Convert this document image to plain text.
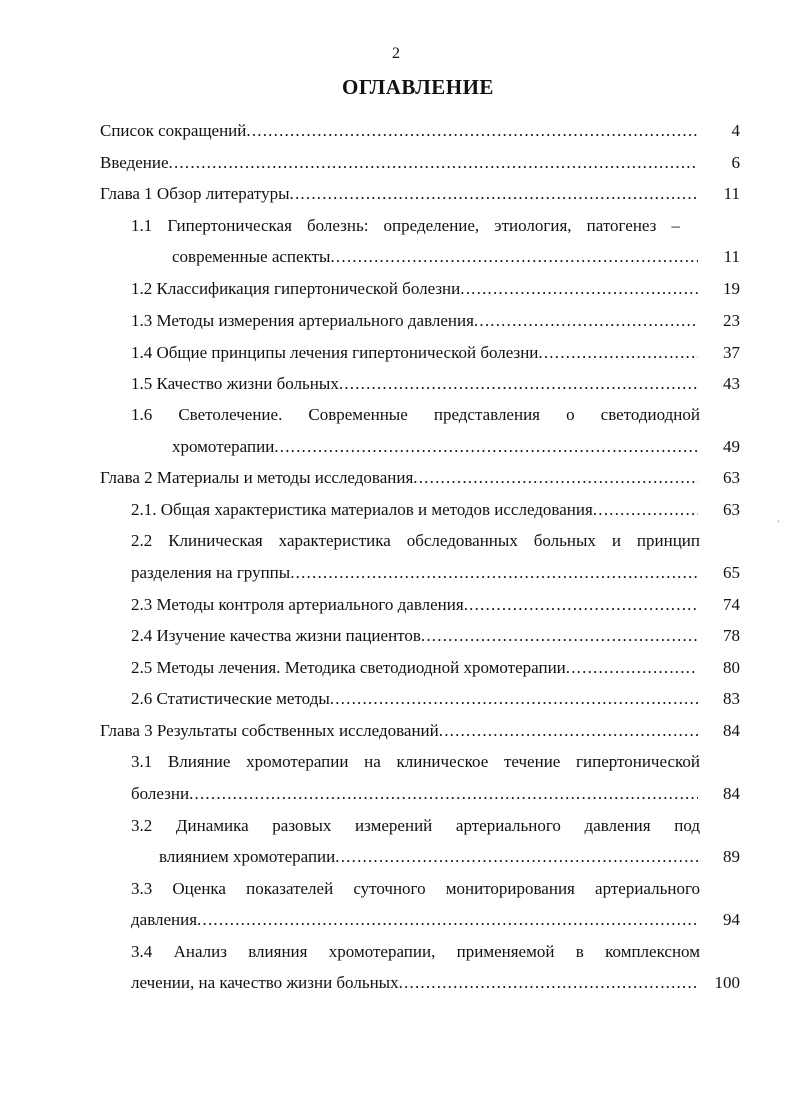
2
ОГЛАВЛЕНИЕ
Список сокращений .....	4
Введение .....	6
Глава 1 Обзор литературы .....	11
1.1 Гипертоническая болезнь: определение, этиология, патогенез –
современные аспекты .....	11
1.2 Классификация гипертонической болезни .....	19
1.3 Методы измерения артериального давления .....	23
1.4 Общие принципы лечения гипертонической болезни .....	37
1.5 Качество жизни больных .....	43
1.6 Светолечение. Современные представления о светодиодной
хромотерапии .....	49
Глава 2 Материалы и методы исследования .....	63
2.1. Общая характеристика материалов и методов исследования .....	63
2.2 Клиническая характеристика обследованных больных и принцип
разделения на группы .....	65
2.3 Методы контроля артериального давления .....	74
2.4 Изучение качества жизни пациентов .....	78
2.5 Методы лечения. Методика светодиодной хромотерапии .....	80
2.6 Статистические методы .....	83
Глава 3 Результаты собственных исследований .....	84
3.1 Влияние хромотерапии на клиническое течение гипертонической
болезни .....	84
3.2 Динамика разовых измерений артериального давления под
влиянием хромотерапии .....	89
3.3 Оценка показателей суточного мониторирования артериального
давления .....	94
3.4 Анализ влияния хромотерапии, применяемой в комплексном
лечении, на качество жизни больных .....	100
ʿ
